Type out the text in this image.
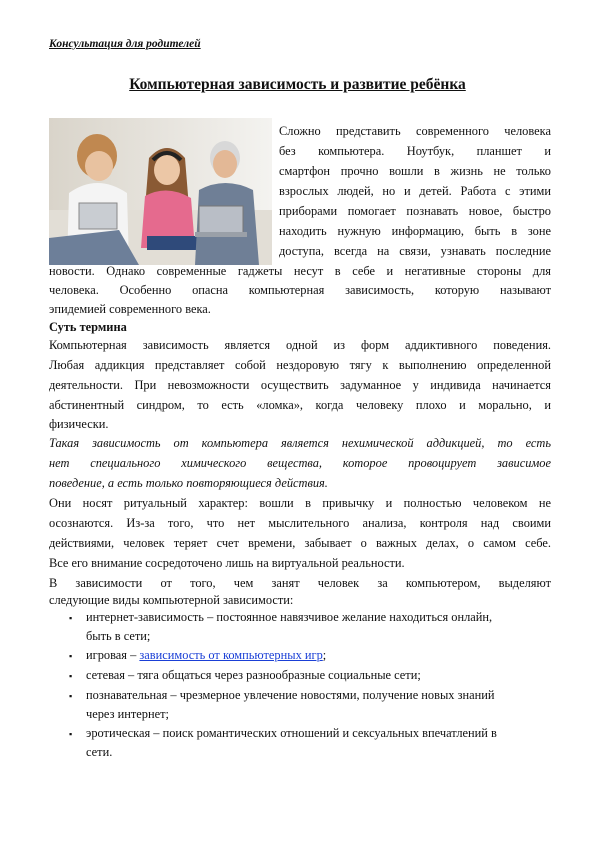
Консультация для родителей
Компьютерная зависимость и развитие ребёнка
Сложно представить современного человека
без компьютера. Ноутбук, планшет и
смартфон прочно вошли в жизнь не только
взрослых людей, но и детей. Работа с этими
приборами помогает познавать новое, быстро
находить нужную информацию, быть в зоне
доступа, всегда на связи, узнавать последние
новости. Однако современные гаджеты несут в себе и негативные стороны для
человека. Особенно опасна компьютерная зависимость, которую называют
эпидемией современного века.
Суть термина
Компьютерная зависимость является одной из форм аддиктивного поведения.
Любая аддикция представляет собой нездоровую тягу к выполнению определенной
деятельности. При невозможности осуществить задуманное у индивида начинается
абстинентный синдром, то есть «ломка», когда человеку плохо и морально, и
физически.
Такая зависимость от компьютера является нехимической аддикцией, то есть
нет специального химического вещества, которое провоцирует зависимое
поведение, а есть только повторяющиеся действия.
Они носят ритуальный характер: вошли в привычку и полностью человеком не
осознаются. Из-за того, что нет мыслительного анализа, контроля над своими
действиями, человек теряет счет времени, забывает о важных делах, о самом себе.
Все его внимание сосредоточено лишь на виртуальной реальности.
В зависимости от того, чем занят человек за компьютером, выделяют
следующие виды компьютерной зависимости:
▪ интернет-зависимость – постоянное навязчивое желание находиться онлайн,
быть в сети;
▪ игровая – зависимость от компьютерных игр;
▪ сетевая – тяга общаться через разнообразные социальные сети;
▪ познавательная – чрезмерное увлечение новостями, получение новых знаний
через интернет;
▪ эротическая – поиск романтических отношений и сексуальных впечатлений в
сети.
